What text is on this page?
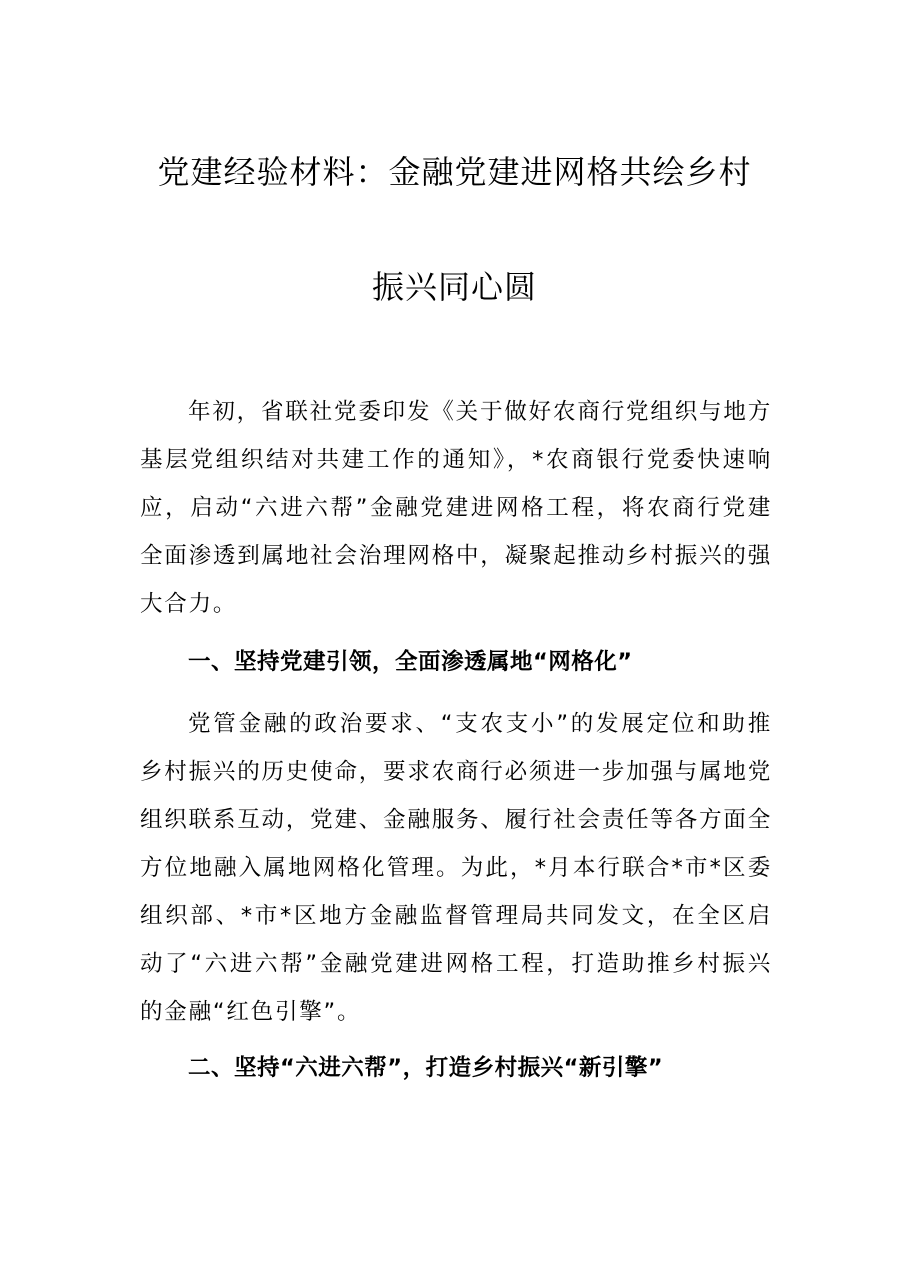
党建经验材料：金融党建进网格共绘乡村
振兴同心圆

年初，省联社党委印发《关于做好农商行党组织与地方基层党组织结对共建工作的通知》，*农商银行党委快速响应，启动“六进六帮”金融党建进网格工程，将农商行党建全面渗透到属地社会治理网格中，凝聚起推动乡村振兴的强大合力。

一、坚持党建引领，全面渗透属地“网格化”

党管金融的政治要求、“支农支小”的发展定位和助推乡村振兴的历史使命，要求农商行必须进一步加强与属地党组织联系互动，党建、金融服务、履行社会责任等各方面全方位地融入属地网格化管理。为此，*月本行联合*市*区委组织部、*市*区地方金融监督管理局共同发文，在全区启动了“六进六帮”金融党建进网格工程，打造助推乡村振兴的金融“红色引擎”。

二、坚持“六进六帮”，打造乡村振兴“新引擎”
